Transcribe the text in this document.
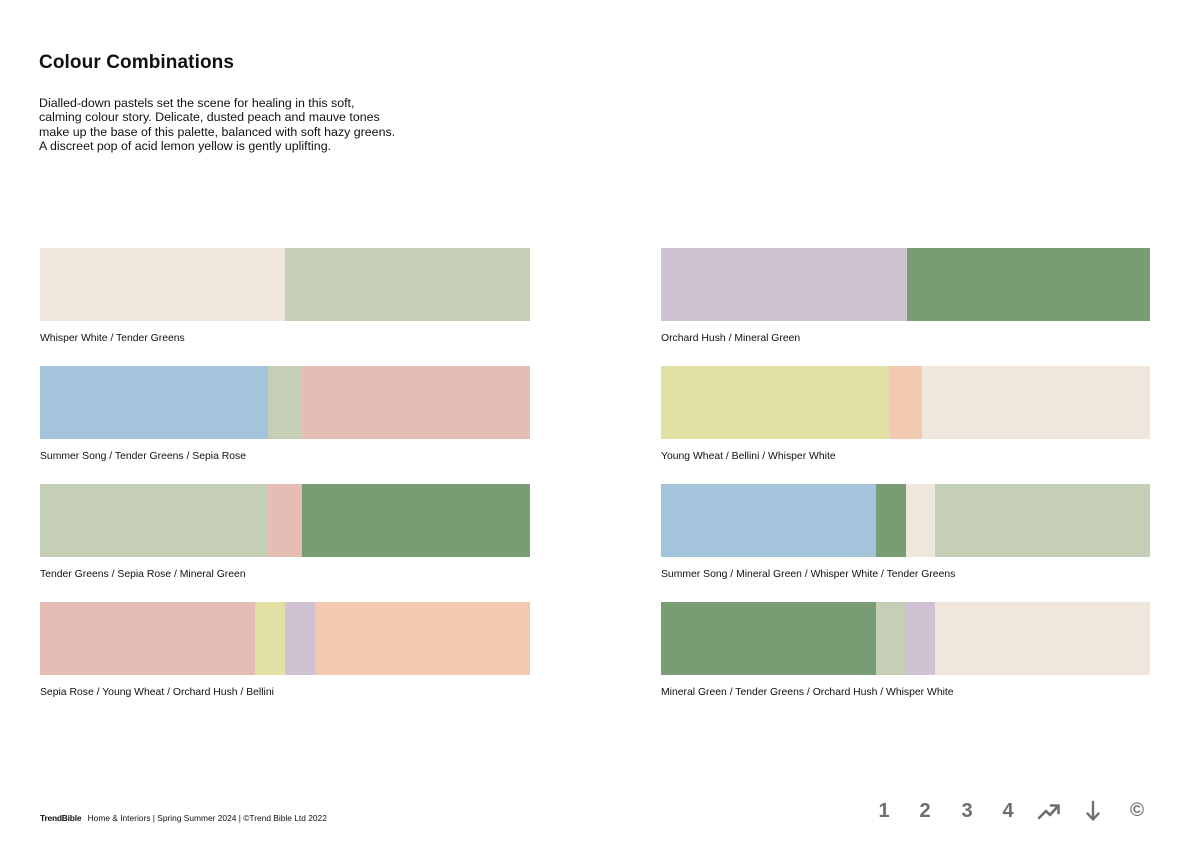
Colour Combinations

Dialled-down pastels set the scene for healing in this soft,
calming colour story. Delicate, dusted peach and mauve tones
make up the base of this palette, balanced with soft hazy greens.
A discreet pop of acid lemon yellow is gently uplifting.

Whisper White / Tender Greens
Summer Song / Tender Greens / Sepia Rose
Tender Greens / Sepia Rose / Mineral Green
Sepia Rose / Young Wheat / Orchard Hush / Bellini
Orchard Hush / Mineral Green
Young Wheat / Bellini / Whisper White
Summer Song / Mineral Green / Whisper White / Tender Greens
Mineral Green / Tender Greens / Orchard Hush / Whisper White
TrendBible Home & Interiors | Spring Summer 2024 | ©Trend Bible Ltd 2022	1	2	3	4	©
